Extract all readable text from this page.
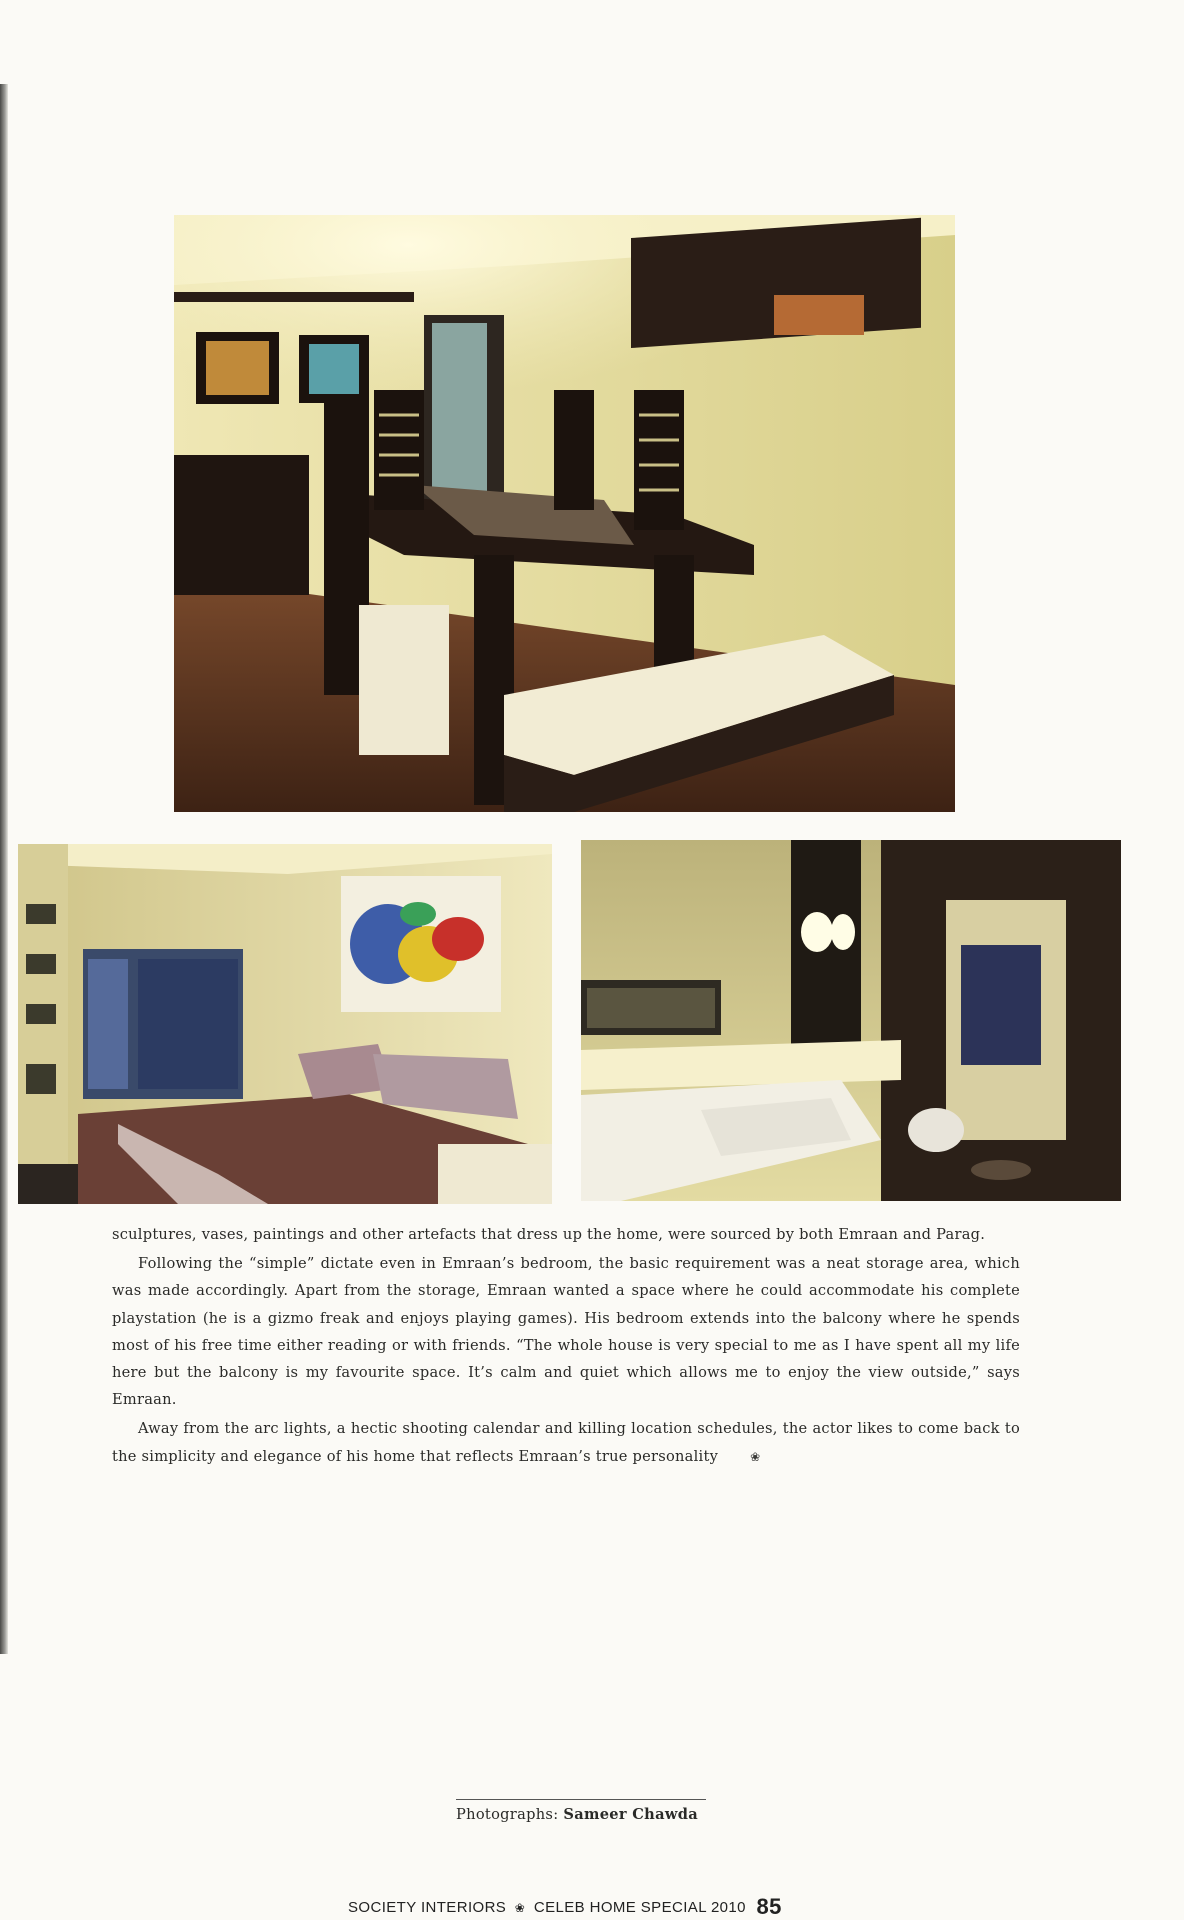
sculptures, vases, paintings and other artefacts that dress up the home, were sourced by both Emraan and Parag.

Following the “simple” dictate even in Emraan’s bedroom, the basic requirement was a neat storage area, which was made accordingly. Apart from the storage, Emraan wanted a space where he could accommodate his complete playstation (he is a gizmo freak and enjoys playing games). His bedroom extends into the balcony where he spends most of his free time either reading or with friends. “The whole house is very special to me as I have spent all my life here but the balcony is my favourite space. It’s calm and quiet which allows me to enjoy the view outside,” says Emraan.

Away from the arc lights, a hectic shooting calendar and killing location schedules, the actor likes to come back to the simplicity and elegance of his home that reflects Emraan’s true personality	❀

Photographs: Sameer Chawda
SOCIETY INTERIORS ❀ CELEB HOME SPECIAL 2010 85
